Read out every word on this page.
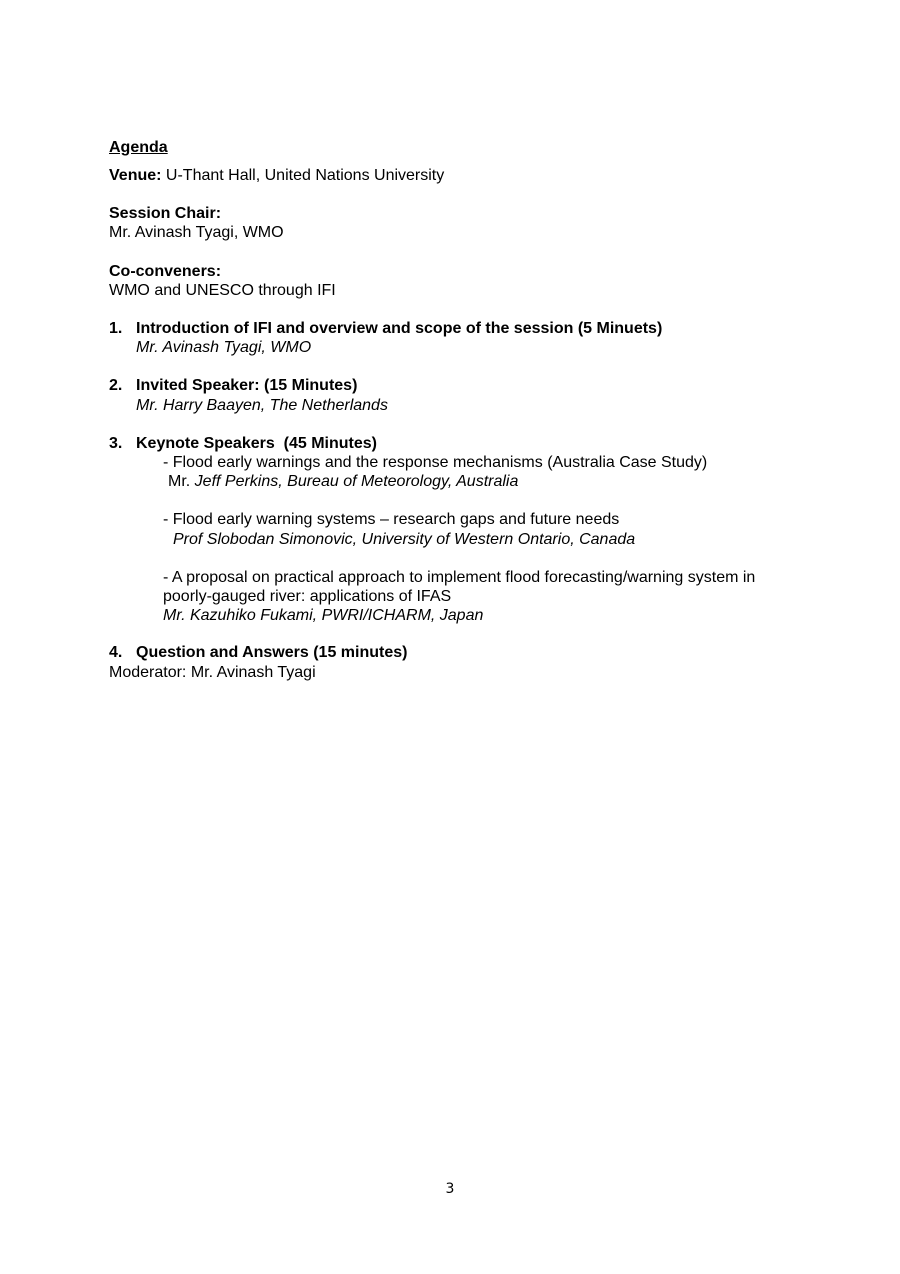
Agenda
Venue: U-Thant Hall, United Nations University
Session Chair:
Mr. Avinash Tyagi, WMO
Co-conveners:
WMO and UNESCO through IFI
1. Introduction of IFI and overview and scope of the session (5 Minuets)
Mr. Avinash Tyagi, WMO
2. Invited Speaker: (15 Minutes)
Mr. Harry Baayen, The Netherlands
3. Keynote Speakers  (45 Minutes)
- Flood early warnings and the response mechanisms (Australia Case Study)
Mr. Jeff Perkins, Bureau of Meteorology, Australia
- Flood early warning systems – research gaps and future needs
Prof Slobodan Simonovic, University of Western Ontario, Canada
- A proposal on practical approach to implement flood forecasting/warning system in
poorly-gauged river: applications of IFAS
Mr. Kazuhiko Fukami, PWRI/ICHARM, Japan
4. Question and Answers (15 minutes)
Moderator: Mr. Avinash Tyagi
3
